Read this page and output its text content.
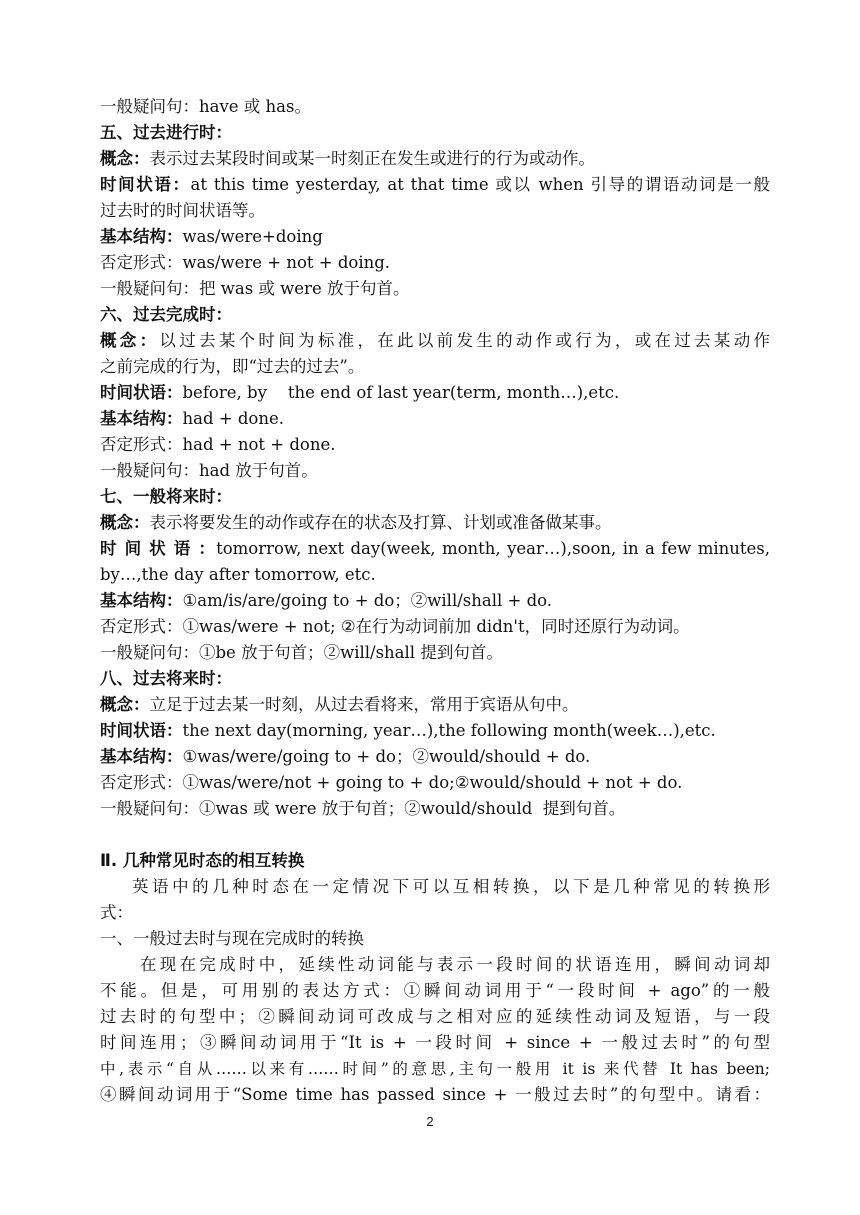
一般疑问句：have 或 has。
五、过去进行时：
概念：表示过去某段时间或某一时刻正在发生或进行的行为或动作。
时间状语：at this time yesterday, at that time 或以 when 引导的谓语动词是一般
过去时的时间状语等。
基本结构：was/were+doing
否定形式：was/were + not + doing.
一般疑问句：把 was 或 were 放于句首。
六、过去完成时：
概念：以过去某个时间为标准，在此以前发生的动作或行为，或在过去某动作
之前完成的行为，即“过去的过去”。
时间状语：before, by    the end of last year(term, month…),etc.
基本结构：had + done.
否定形式：had + not + done.
一般疑问句：had 放于句首。
七、一般将来时：
概念：表示将要发生的动作或存在的状态及打算、计划或准备做某事。
时 间 状 语 ：tomorrow, next day(week, month, year…),soon, in a few minutes,
by…,the day after tomorrow, etc.
基本结构：①am/is/are/going to + do；②will/shall + do.
否定形式：①was/were + not; ②在行为动词前加 didn't，同时还原行为动词。
一般疑问句：①be 放于句首；②will/shall 提到句首。
八、过去将来时：
概念：立足于过去某一时刻，从过去看将来，常用于宾语从句中。
时间状语：the next day(morning, year…),the following month(week…),etc.
基本结构：①was/were/going to + do；②would/should + do.
否定形式：①was/were/not + going to + do;②would/should + not + do.
一般疑问句：①was 或 were 放于句首；②would/should  提到句首。
Ⅱ. 几种常见时态的相互转换
英语中的几种时态在一定情况下可以互相转换，以下是几种常见的转换形
式：
一、一般过去时与现在完成时的转换
在现在完成时中，延续性动词能与表示一段时间的状语连用，瞬间动词却
不能。但是，可用别的表达方式：①瞬间动词用于“一段时间 + ago”的一般
过去时的句型中；②瞬间动词可改成与之相对应的延续性动词及短语，与一段
时间连用；③瞬间动词用于“It is + 一段时间 + since + 一般过去时”的句型
中,表示“自从……以来有……时间”的意思,主句一般用 it is 来代替 It has been;
④瞬间动词用于“Some time has passed since + 一般过去时”的句型中。请看：
2
